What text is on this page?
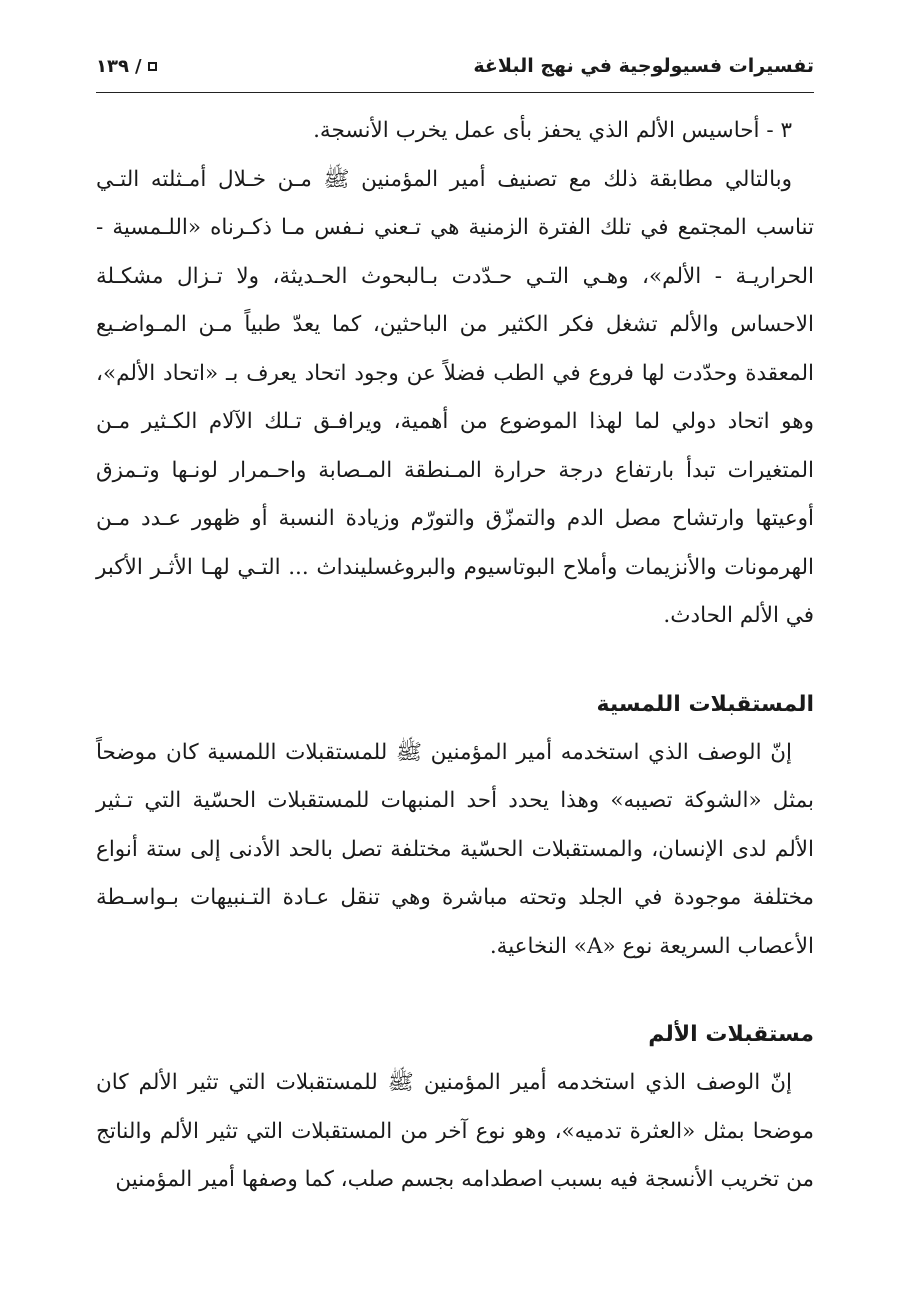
تفسيرات فسيولوجية في نهج البلاغة
١٣٩ /

٣ - أحاسيس الألم الذي يحفز بأى عمل يخرب الأنسجة.

وبالتالي مطابقة ذلك مع تصنيف أمير المؤمنين ﷺ مـن خـلال أمـثلته التـي تناسب المجتمع في تلك الفترة الزمنية هي تـعني نـفس مـا ذكـرناه «اللـمسية - الحراريـة - الألم»، وهـي التـي حـدّدت بـالبحوث الحـديثة، ولا تـزال مشكـلة الاحساس والألم تشغل فكر الكثير من الباحثين، كما يعدّ طبياً مـن المـواضـيع المعقدة وحدّدت لها فروع في الطب فضلاً عن وجود اتحاد يعرف بـ «اتحاد الألم»، وهو اتحاد دولي لما لهذا الموضوع من أهمية، ويرافـق تـلك الآلام الكـثير مـن المتغيرات تبدأ بارتفاع درجة حرارة المـنطقة المـصابة واحـمرار لونـها وتـمزق أوعيتها وارتشاح مصل الدم والتمزّق والتورّم وزيادة النسبة أو ظهور عـدد مـن الهرمونات والأنزيمات وأملاح البوتاسيوم والبروغسلينداث ... التـي لهـا الأثـر الأكبر في الألم الحادث.

المستقبلات اللمسية

إنّ الوصف الذي استخدمه أمير المؤمنين ﷺ للمستقبلات اللمسية كان موضحاً بمثل «الشوكة تصيبه» وهذا يحدد أحد المنبهات للمستقبلات الحسّية التي تـثير الألم لدى الإنسان، والمستقبلات الحسّية مختلفة تصل بالحد الأدنى إلى ستة أنواع مختلفة موجودة في الجلد وتحته مباشرة وهي تنقل عـادة التـنبيهات بـواسـطة الأعصاب السريعة نوع «A» النخاعية.

مستقبلات الألم

إنّ الوصف الذي استخدمه أمير المؤمنين ﷺ للمستقبلات التي تثير الألم كان موضحا بمثل «العثرة تدميه»، وهو نوع آخر من المستقبلات التي تثير الألم والناتج من تخريب الأنسجة فيه بسبب اصطدامه بجسم صلب، كما وصفها أمير المؤمنين
